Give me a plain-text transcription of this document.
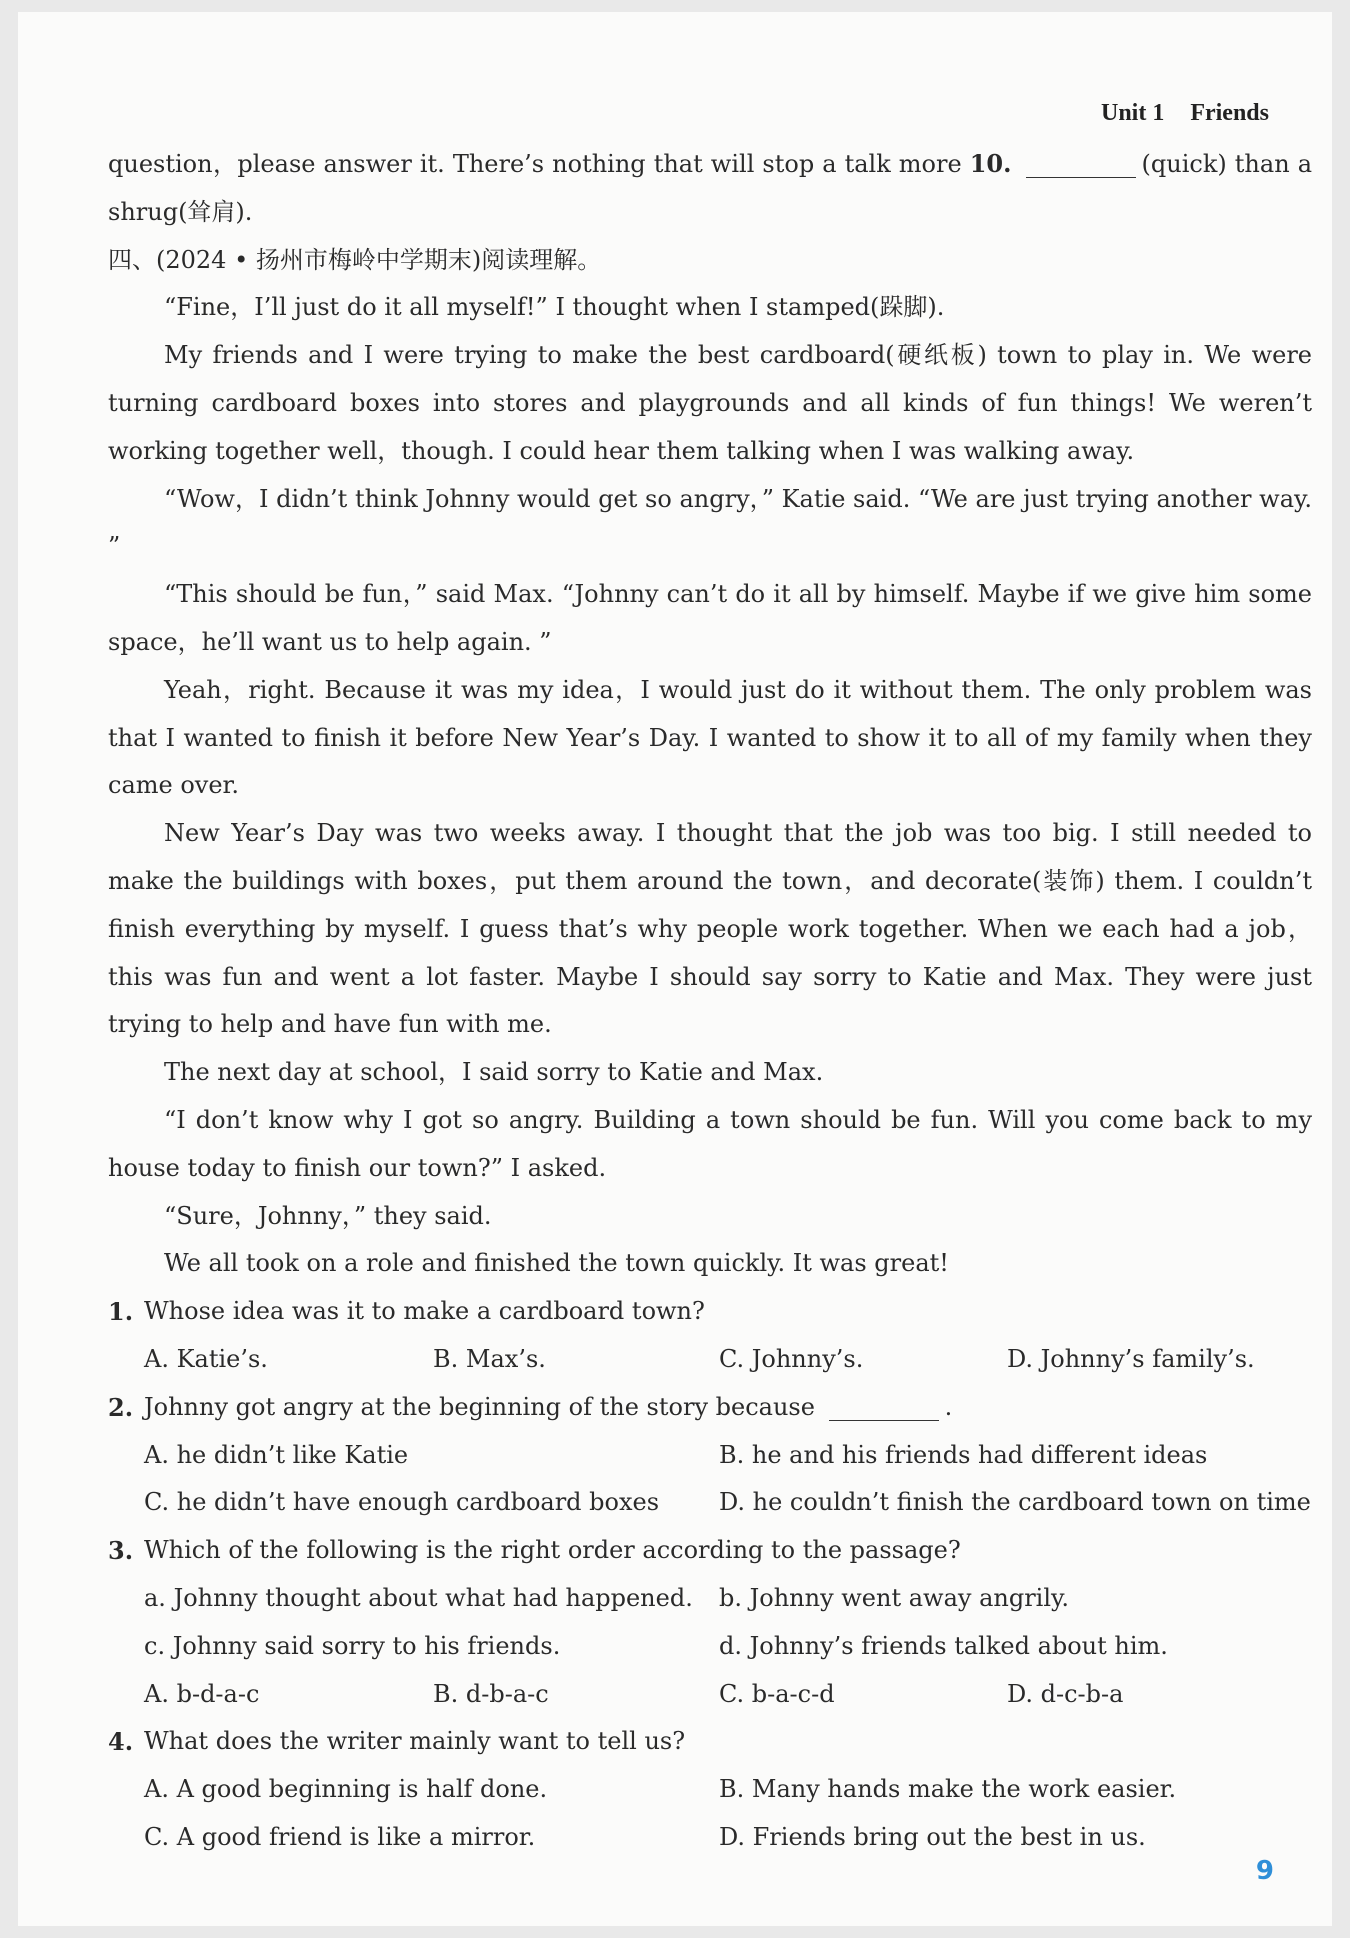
Unit 1 Friends

question，please answer it. There’s nothing that will stop a talk more 10.	(quick) than a shrug(耸肩).

四、(2024 • 扬州市梅岭中学期末)阅读理解。

“Fine，I’ll just do it all myself!” I thought when I stamped(跺脚).

My friends and I were trying to make the best cardboard(硬纸板) town to play in. We were turning cardboard boxes into stores and playgrounds and all kinds of fun things! We weren’t working together well，though. I could hear them talking when I was walking away.

“Wow，I didn’t think Johnny would get so angry，” Katie said. “We are just trying another way. ”

“This should be fun，” said Max. “Johnny can’t do it all by himself. Maybe if we give him some space，he’ll want us to help again. ”

Yeah，right. Because it was my idea，I would just do it without them. The only problem was that I wanted to finish it before New Year’s Day. I wanted to show it to all of my family when they came over.

New Year’s Day was two weeks away. I thought that the job was too big. I still needed to make the buildings with boxes，put them around the town，and decorate(装饰) them. I couldn’t finish everything by myself. I guess that’s why people work together. When we each had a job，this was fun and went a lot faster. Maybe I should say sorry to Katie and Max. They were just trying to help and have fun with me.

The next day at school，I said sorry to Katie and Max.

“I don’t know why I got so angry. Building a town should be fun. Will you come back to my house today to finish our town?” I asked.

“Sure，Johnny，” they said.

We all took on a role and finished the town quickly. It was great!

1. Whose idea was it to make a cardboard town?
A. Katie’s.	B. Max’s.	C. Johnny’s.	D. Johnny’s family’s.
2. Johnny got angry at the beginning of the story because	.
A. he didn’t like Katie	B. he and his friends had different ideas
C. he didn’t have enough cardboard boxes	D. he couldn’t finish the cardboard town on time
3. Which of the following is the right order according to the passage?
a. Johnny thought about what had happened.	b. Johnny went away angrily.
c. Johnny said sorry to his friends.	d. Johnny’s friends talked about him.
A. b-d-a-c	B. d-b-a-c	C. b-a-c-d	D. d-c-b-a
4. What does the writer mainly want to tell us?
A. A good beginning is half done.	B. Many hands make the work easier.
C. A good friend is like a mirror.	D. Friends bring out the best in us.
9
